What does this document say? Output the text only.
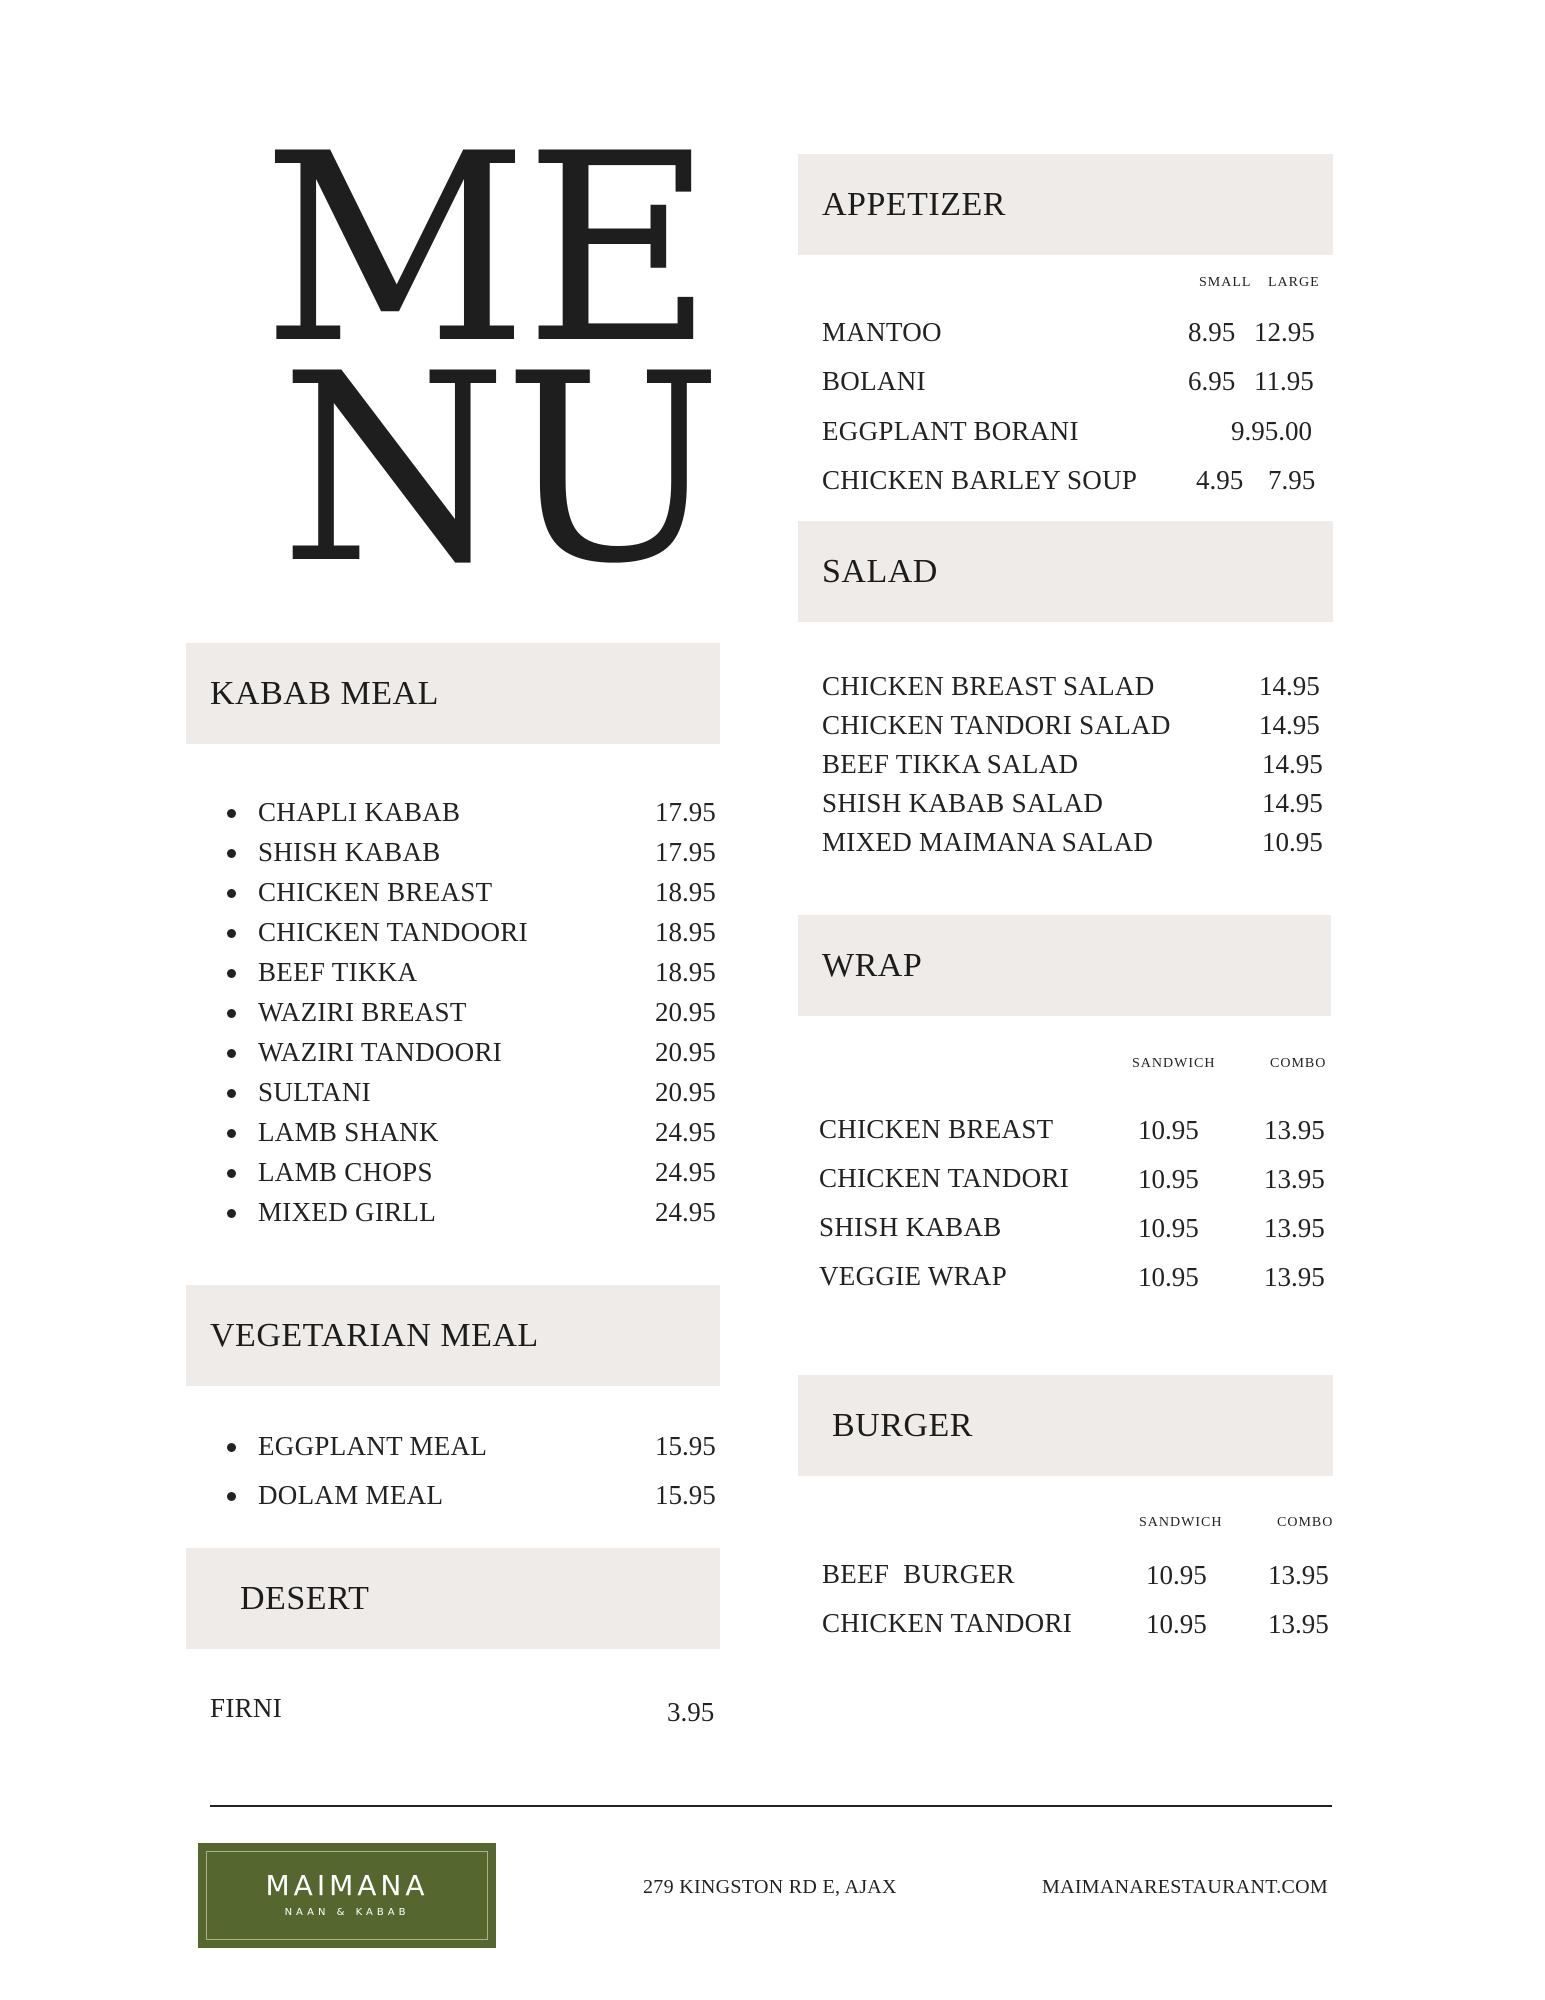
ME
NU
APPETIZER
SMALL LARGE
MANTOO	8.95 12.95
BOLANI	6.95 11.95
EGGPLANT BORANI	9.95.00
CHICKEN BARLEY SOUP 4.95 7.95
SALAD
CHICKEN BREAST SALAD	14.95
CHICKEN TANDORI SALAD	14.95
BEEF TIKKA SALAD	14.95
SHISH KABAB SALAD	14.95
MIXED MAIMANA SALAD	10.95
KABAB MEAL
CHAPLI KABAB	17.95
SHISH KABAB	17.95
CHICKEN BREAST	18.95
CHICKEN TANDOORI	18.95
BEEF TIKKA	18.95
WAZIRI BREAST	20.95
WAZIRI TANDOORI	20.95
SULTANI	20.95
LAMB SHANK	24.95
LAMB CHOPS	24.95
MIXED GIRLL	24.95
WRAP
SANDWICH	COMBO
CHICKEN BREAST	10.95 13.95
CHICKEN TANDORI	10.95 13.95
SHISH KABAB	10.95 13.95
VEGGIE WRAP	10.95 13.95
VEGETARIAN MEAL
EGGPLANT MEAL	15.95
DOLAM MEAL	15.95
BURGER
SANDWICH	COMBO
BEEF  BURGER	10.95 13.95
CHICKEN TANDORI	10.95 13.95
DESERT
FIRNI	3.95
MAIMANA
NAAN & KABAB
279 KINGSTON RD E, AJAX	MAIMANARESTAURANT.COM
